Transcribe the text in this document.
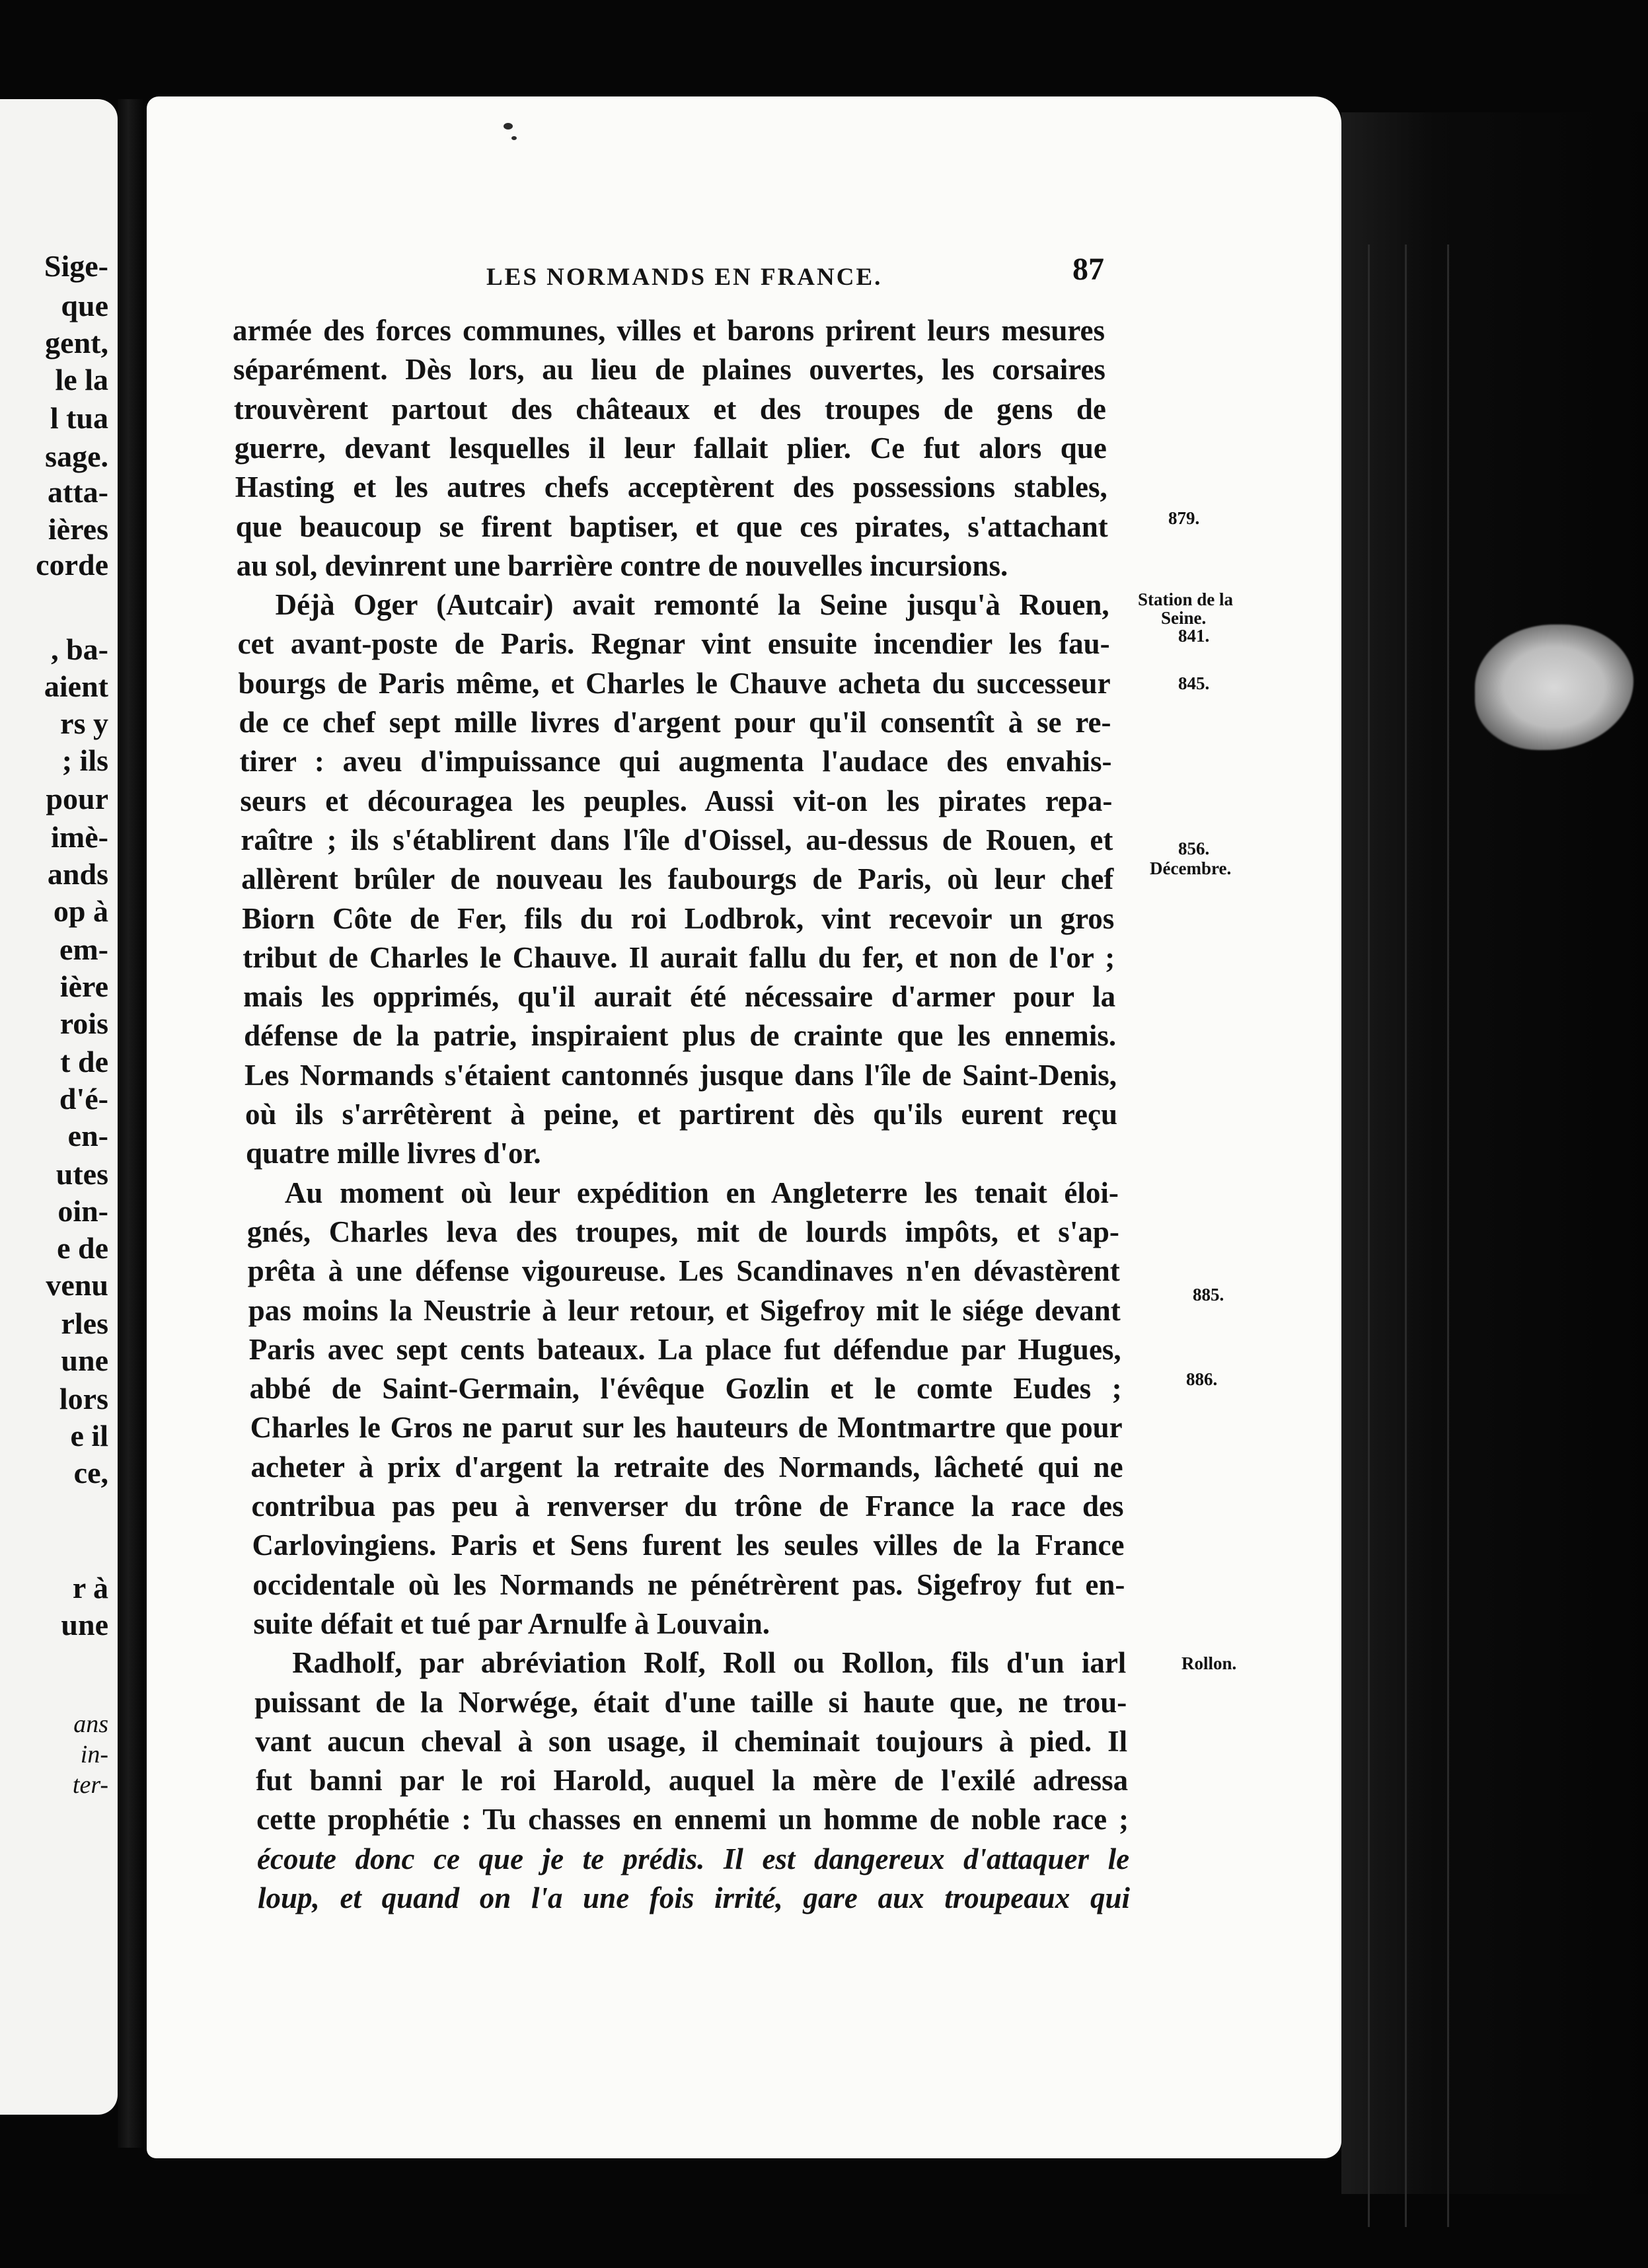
Sige-
que
gent,
le la
l tua
sage.
atta-
ières
corde
, ba-
aient
rs y
; ils
pour
imè-
ands
op à
em-
ière
rois
t de
d'é-
en-
utes
oin-
e de
venu
rles
une
lors
e il
ce,
r à
une
ans
in-
ter-
LES NORMANDS EN FRANCE.	87
armée des forces communes, villes et barons prirent leurs mesures
séparément. Dès lors, au lieu de plaines ouvertes, les corsaires
trouvèrent partout des châteaux et des troupes de gens de
guerre, devant lesquelles il leur fallait plier. Ce fut alors que
Hasting et les autres chefs acceptèrent des possessions stables,
que beaucoup se firent baptiser, et que ces pirates, s'attachant
au sol, devinrent une barrière contre de nouvelles incursions.
Déjà Oger (Autcair) avait remonté la Seine jusqu'à Rouen,
cet avant-poste de Paris. Regnar vint ensuite incendier les fau-
bourgs de Paris même, et Charles le Chauve acheta du successeur
de ce chef sept mille livres d'argent pour qu'il consentît à se re-
tirer : aveu d'impuissance qui augmenta l'audace des envahis-
seurs et découragea les peuples. Aussi vit-on les pirates repa-
raître ; ils s'établirent dans l'île d'Oissel, au-dessus de Rouen, et
allèrent brûler de nouveau les faubourgs de Paris, où leur chef
Biorn Côte de Fer, fils du roi Lodbrok, vint recevoir un gros
tribut de Charles le Chauve. Il aurait fallu du fer, et non de l'or ;
mais les opprimés, qu'il aurait été nécessaire d'armer pour la
défense de la patrie, inspiraient plus de crainte que les ennemis.
Les Normands s'étaient cantonnés jusque dans l'île de Saint-Denis,
où ils s'arrêtèrent à peine, et partirent dès qu'ils eurent reçu
quatre mille livres d'or.
Au moment où leur expédition en Angleterre les tenait éloi-
gnés, Charles leva des troupes, mit de lourds impôts, et s'ap-
prêta à une défense vigoureuse. Les Scandinaves n'en dévastèrent
pas moins la Neustrie à leur retour, et Sigefroy mit le siége devant
Paris avec sept cents bateaux. La place fut défendue par Hugues,
abbé de Saint-Germain, l'évêque Gozlin et le comte Eudes ;
Charles le Gros ne parut sur les hauteurs de Montmartre que pour
acheter à prix d'argent la retraite des Normands, lâcheté qui ne
contribua pas peu à renverser du trône de France la race des
Carlovingiens. Paris et Sens furent les seules villes de la France
occidentale où les Normands ne pénétrèrent pas. Sigefroy fut en-
suite défait et tué par Arnulfe à Louvain.
Radholf, par abréviation Rolf, Roll ou Rollon, fils d'un iarl
puissant de la Norwége, était d'une taille si haute que, ne trou-
vant aucun cheval à son usage, il cheminait toujours à pied. Il
fut banni par le roi Harold, auquel la mère de l'exilé adressa
cette prophétie : Tu chasses en ennemi un homme de noble race ;
écoute donc ce que je te prédis. Il est dangereux d'attaquer le
loup, et quand on l'a une fois irrité, gare aux troupeaux qui
879.
Station de la
Seine.
841.
845.
856.
Décembre.
885.
886.
Rollon.
